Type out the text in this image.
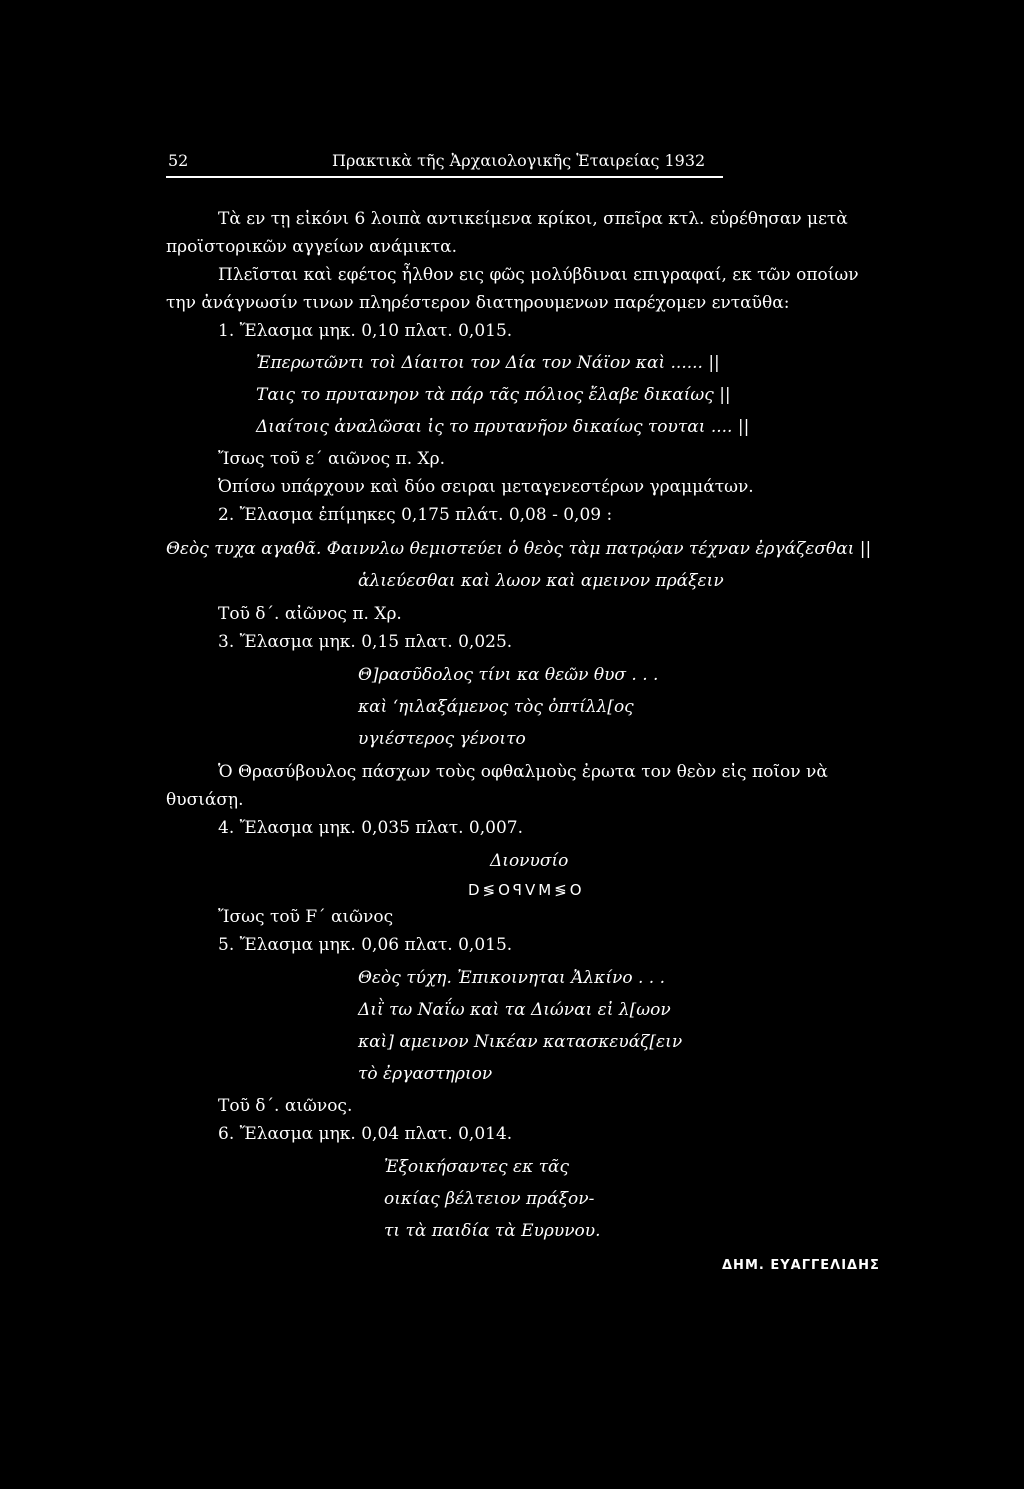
52	Πρακτικὰ τῆς Ἀρχαιολογικῆς Ἑταιρείας 1932
Τὰ εν τῃ εἰκόνι 6 λοιπὰ αντικείμενα κρίκοι, σπεῖρα κτλ. εὑρέθησαν μετὰ
προϊστορικῶν αγγείων ανάμικτα.
Πλεῖσται καὶ εφέτος ἦλθον εις φῶς μολύβδιναι επιγραφαί, εκ τῶν οποίων
την ἀνάγνωσίν τινων πληρέστερον διατηρουμενων παρέχομεν ενταῦθα:
1. Ἔλασμα μηκ. 0,10 πλατ. 0,015.
Ἐπερωτῶντι τοὶ Δίαιτοι τον Δία τον Νάϊον καὶ ...... ||
Ταις το πρυτανηον τὰ πάρ τᾶς πόλιος ἔλαβε δικαίως ||
Διαίτοις ἀναλῶσαι ἰς το πρυτανῆον δικαίως τουται .... ||
Ἴσως τοῦ ε΄ αιῶνος π. Χρ.
Ὀπίσω υπάρχουν καὶ δύο σειραι μεταγενεστέρων γραμμάτων.
2. Ἔλασμα ἐπίμηκες 0,175 πλάτ. 0,08 - 0,09 :
Θεὸς τυχα αγαθᾶ. Φαιννλω θεμιστεύει ὁ θεὸς τὰμ πατρῴαν τέχναν ἐργάζεσθαι ||
ἁλιεύεσθαι καὶ λωον καὶ αμεινον πράξειν
Τοῦ δ΄. αἰῶνος π. Χρ.
3. Ἔλασμα μηκ. 0,15 πλατ. 0,025.
Θ]ρασῦδολος τίνι κα θεῶν θυσ . . .
καὶ ‘ηιλαξάμενος τὸς ὀπτίλλ[ος
υγιέστερος γένοιτο
Ὁ Θρασύβουλος πάσχων τοὺς οφθαλμοὺς ἐρωτα τον θεὸν εἰς ποῖον νὰ
θυσιάσῃ.
4. Ἔλασμα μηκ. 0,035 πλατ. 0,007.
Διονυσίο
D≶OꟼVM≶O
Ἴσως τοῦ F΄ αιῶνος
5. Ἔλασμα μηκ. 0,06 πλατ. 0,015.
Θεὸς τύχη. Ἐπικοινηται Ἀλκίνο . . .
Διῒ τω Ναΐω καὶ τα Διώναι εἰ λ[ωον
καὶ] αμεινον Νικέαν κατασκευάζ[ειν
τὸ ἐργαστηριον
Τοῦ δ΄. αιῶνος.
6. Ἔλασμα μηκ. 0,04 πλατ. 0,014.
Ἐξοικήσαντες εκ τᾶς
οικίας βέλτειον πράξον-
τι τὰ παιδία τὰ Ευρυνου.
ΔΗΜ. ΕΥΑΓΓΕΛΙΔΗΣ
